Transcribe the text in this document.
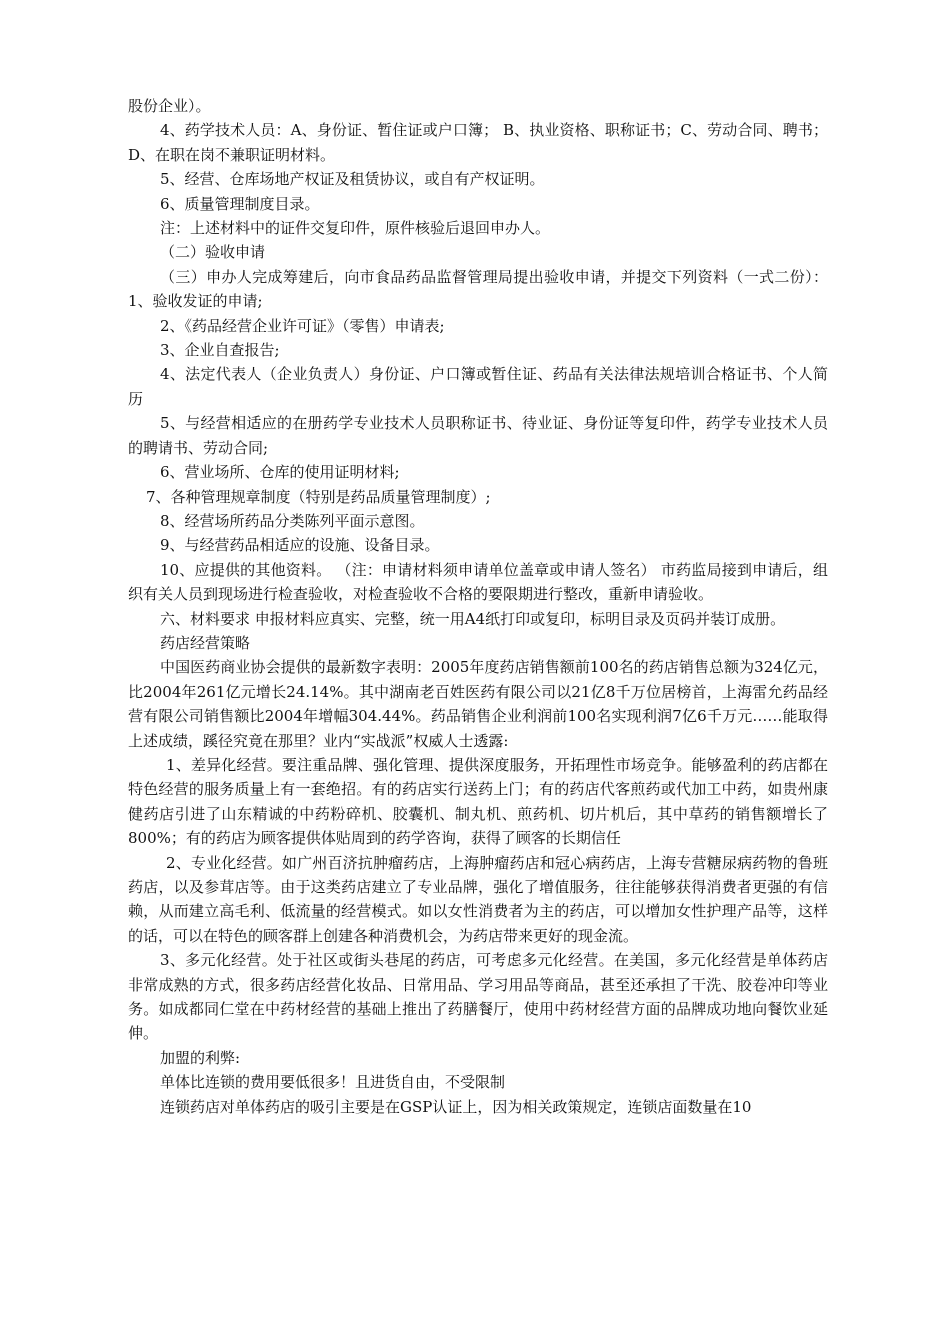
股份企业）。

4、药学技术人员：A、身份证、暂住证或户口簿； B、执业资格、职称证书；C、劳动合同、聘书；D、在职在岗不兼职证明材料。

5、经营、仓库场地产权证及租赁协议，或自有产权证明。

6、质量管理制度目录。

注：上述材料中的证件交复印件，原件核验后退回申办人。

（二）验收申请

（三）申办人完成筹建后，向市食品药品监督管理局提出验收申请，并提交下列资料（一式二份）：1、验收发证的申请;

2、《药品经营企业许可证》（零售）申请表;

3、企业自查报告;

4、法定代表人（企业负责人）身份证、户口簿或暂住证、药品有关法律法规培训合格证书、个人简历

5、与经营相适应的在册药学专业技术人员职称证书、待业证、身份证等复印件，药学专业技术人员的聘请书、劳动合同;

6、营业场所、仓库的使用证明材料;

7、各种管理规章制度（特别是药品质量管理制度）;

8、经营场所药品分类陈列平面示意图。

9、与经营药品相适应的设施、设备目录。

10、应提供的其他资料。 （注：申请材料须申请单位盖章或申请人签名） 市药监局接到申请后，组织有关人员到现场进行检查验收，对检查验收不合格的要限期进行整改，重新申请验收。

六、材料要求 申报材料应真实、完整，统一用A4纸打印或复印，标明目录及页码并装订成册。

药店经营策略

中国医药商业协会提供的最新数字表明：2005年度药店销售额前100名的药店销售总额为324亿元，比2004年261亿元增长24.14%。其中湖南老百姓医药有限公司以21亿8千万位居榜首，上海雷允药品经营有限公司销售额比2004年增幅304.44%。药品销售企业利润前100名实现利润7亿6千万元……能取得上述成绩，蹊径究竟在那里？业内“实战派”权威人士透露:

1、差异化经营。要注重品牌、强化管理、提供深度服务，开拓理性市场竞争。能够盈利的药店都在特色经营的服务质量上有一套绝招。有的药店实行送药上门；有的药店代客煎药或代加工中药，如贵州康健药店引进了山东精诚的中药粉碎机、胶囊机、制丸机、煎药机、切片机后，其中草药的销售额增长了800%；有的药店为顾客提供体贴周到的药学咨询，获得了顾客的长期信任

2、专业化经营。如广州百济抗肿瘤药店，上海肿瘤药店和冠心病药店，上海专营糖尿病药物的鲁班药店，以及参茸店等。由于这类药店建立了专业品牌，强化了增值服务，往往能够获得消费者更强的有信赖，从而建立高毛利、低流量的经营模式。如以女性消费者为主的药店，可以增加女性护理产品等，这样的话，可以在特色的顾客群上创建各种消费机会，为药店带来更好的现金流。

3、多元化经营。处于社区或街头巷尾的药店，可考虑多元化经营。在美国，多元化经营是单体药店非常成熟的方式，很多药店经营化妆品、日常用品、学习用品等商品，甚至还承担了干洗、胶卷冲印等业务。如成都同仁堂在中药材经营的基础上推出了药膳餐厅，使用中药材经营方面的品牌成功地向餐饮业延伸。

加盟的利弊:

单体比连锁的费用要低很多！且进货自由，不受限制

连锁药店对单体药店的吸引主要是在GSP认证上，因为相关政策规定，连锁店面数量在10
